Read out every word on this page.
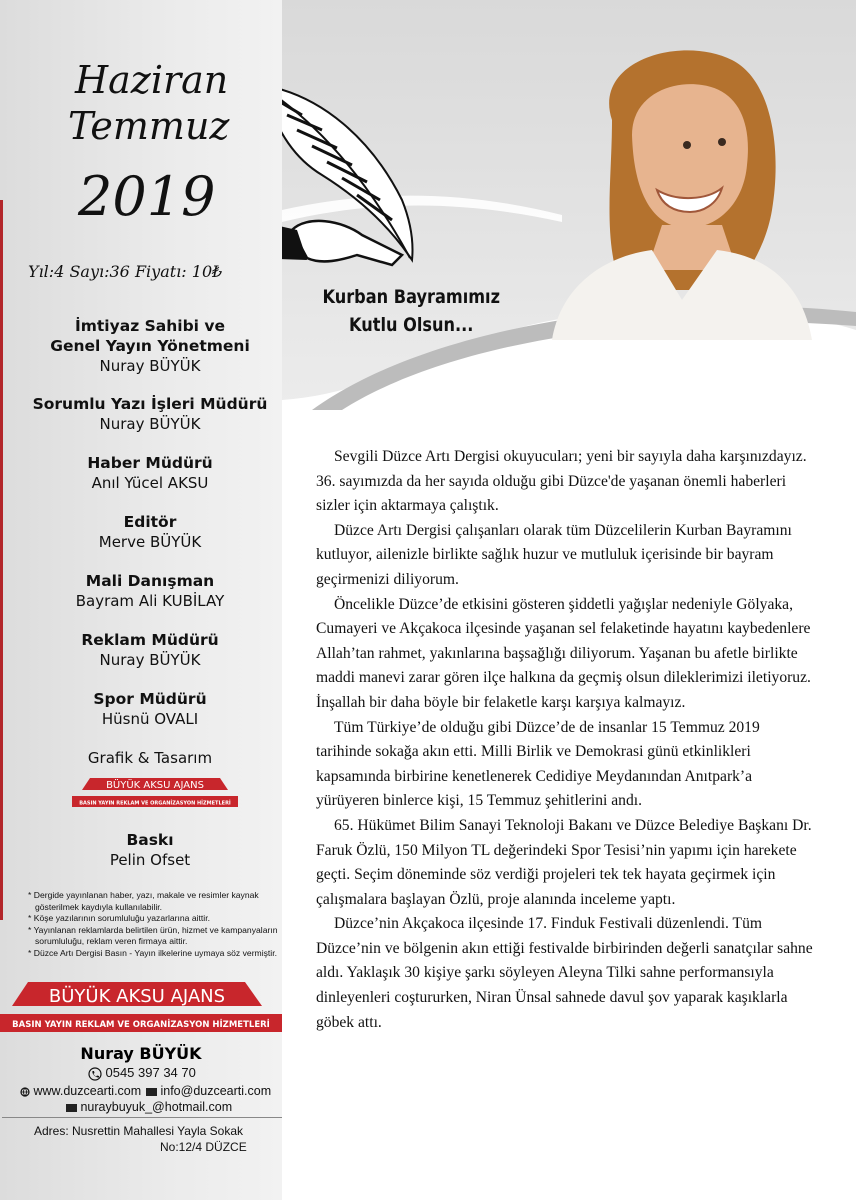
Haziran
Temmuz
2019
Yıl:4 Sayı:36 Fiyatı: 10₺
İmtiyaz Sahibi ve
Genel Yayın Yönetmeni
Nuray BÜYÜK
Sorumlu Yazı İşleri Müdürü
Nuray BÜYÜK
Haber Müdürü
Anıl Yücel AKSU
Editör
Merve BÜYÜK
Mali Danışman
Bayram Ali KUBİLAY
Reklam Müdürü
Nuray BÜYÜK
Spor Müdürü
Hüsnü OVALI
Grafik & Tasarım
BÜYÜK AKSU AJANS
BASIN YAYIN REKLAM VE ORGANİZASYON HİZMETLERİ
Baskı
Pelin Ofset
* Dergide yayınlanan haber, yazı, makale ve resimler kaynak gösterilmek kaydıyla kullanılabilir.
* Köşe yazılarının sorumluluğu yazarlarına aittir.
* Yayınlanan reklamlarda belirtilen ürün, hizmet ve kampanyaların sorumluluğu, reklam veren firmaya aittir.
* Düzce Artı Dergisi Basın - Yayın ilkelerine uymaya söz vermiştir.
BÜYÜK AKSU AJANS
BASIN YAYIN REKLAM VE ORGANİZASYON HİZMETLERİ
Nuray BÜYÜK
0545 397 34 70
www.duzcearti.com	info@duzcearti.com
nuraybuyuk_@hotmail.com
Adres: Nusrettin Mahallesi Yayla Sokak
No:12/4 DÜZCE
Kurban Bayramımız
Kutlu Olsun...

Sevgili Düzce Artı Dergisi okuyucuları; yeni bir sayıyla daha karşınızdayız. 36. sayımızda da her sayıda olduğu gibi Düzce'de yaşanan önemli haberleri sizler için aktarmaya çalıştık.

Düzce Artı Dergisi çalışanları olarak tüm Düzcelilerin Kurban Bayramını kutluyor, ailenizle birlikte sağlık huzur ve mutluluk içerisinde bir bayram geçirmenizi diliyorum.

Öncelikle Düzce’de etkisini gösteren şiddetli yağışlar nedeniyle Gölyaka, Cumayeri ve Akçakoca ilçesinde yaşanan sel felaketinde hayatını kaybedenlere Allah’tan rahmet, yakınlarına başsağlığı diliyorum. Yaşanan bu afetle birlikte maddi manevi zarar gören ilçe halkına da geçmiş olsun dileklerimizi iletiyoruz. İnşallah bir daha böyle bir felaketle karşı karşıya kalmayız.

Tüm Türkiye’de olduğu gibi Düzce’de de insanlar 15 Temmuz 2019 tarihinde sokağa akın etti. Milli Birlik ve Demokrasi günü etkinlikleri kapsamında birbirine kenetlenerek Cedidiye Meydanından Anıtpark’a yürüyeren binlerce kişi, 15 Temmuz şehitlerini andı.

65. Hükümet Bilim Sanayi Teknoloji Bakanı ve Düzce Belediye Başkanı Dr. Faruk Özlü, 150 Milyon TL değerindeki Spor Tesisi’nin yapımı için harekete geçti. Seçim döneminde söz verdiği projeleri tek tek hayata geçirmek için çalışmalara başlayan Özlü, proje alanında inceleme yaptı.

Düzce’nin Akçakoca ilçesinde 17. Finduk Festivali düzenlendi. Tüm Düzce’nin ve bölgenin akın ettiği festivalde birbirinden değerli sanatçılar sahne aldı. Yaklaşık 30 kişiye şarkı söyleyen Aleyna Tilki sahne performansıyla dinleyenleri coştururken, Niran Ünsal sahnede davul şov yaparak kaşıklarla göbek attı.
